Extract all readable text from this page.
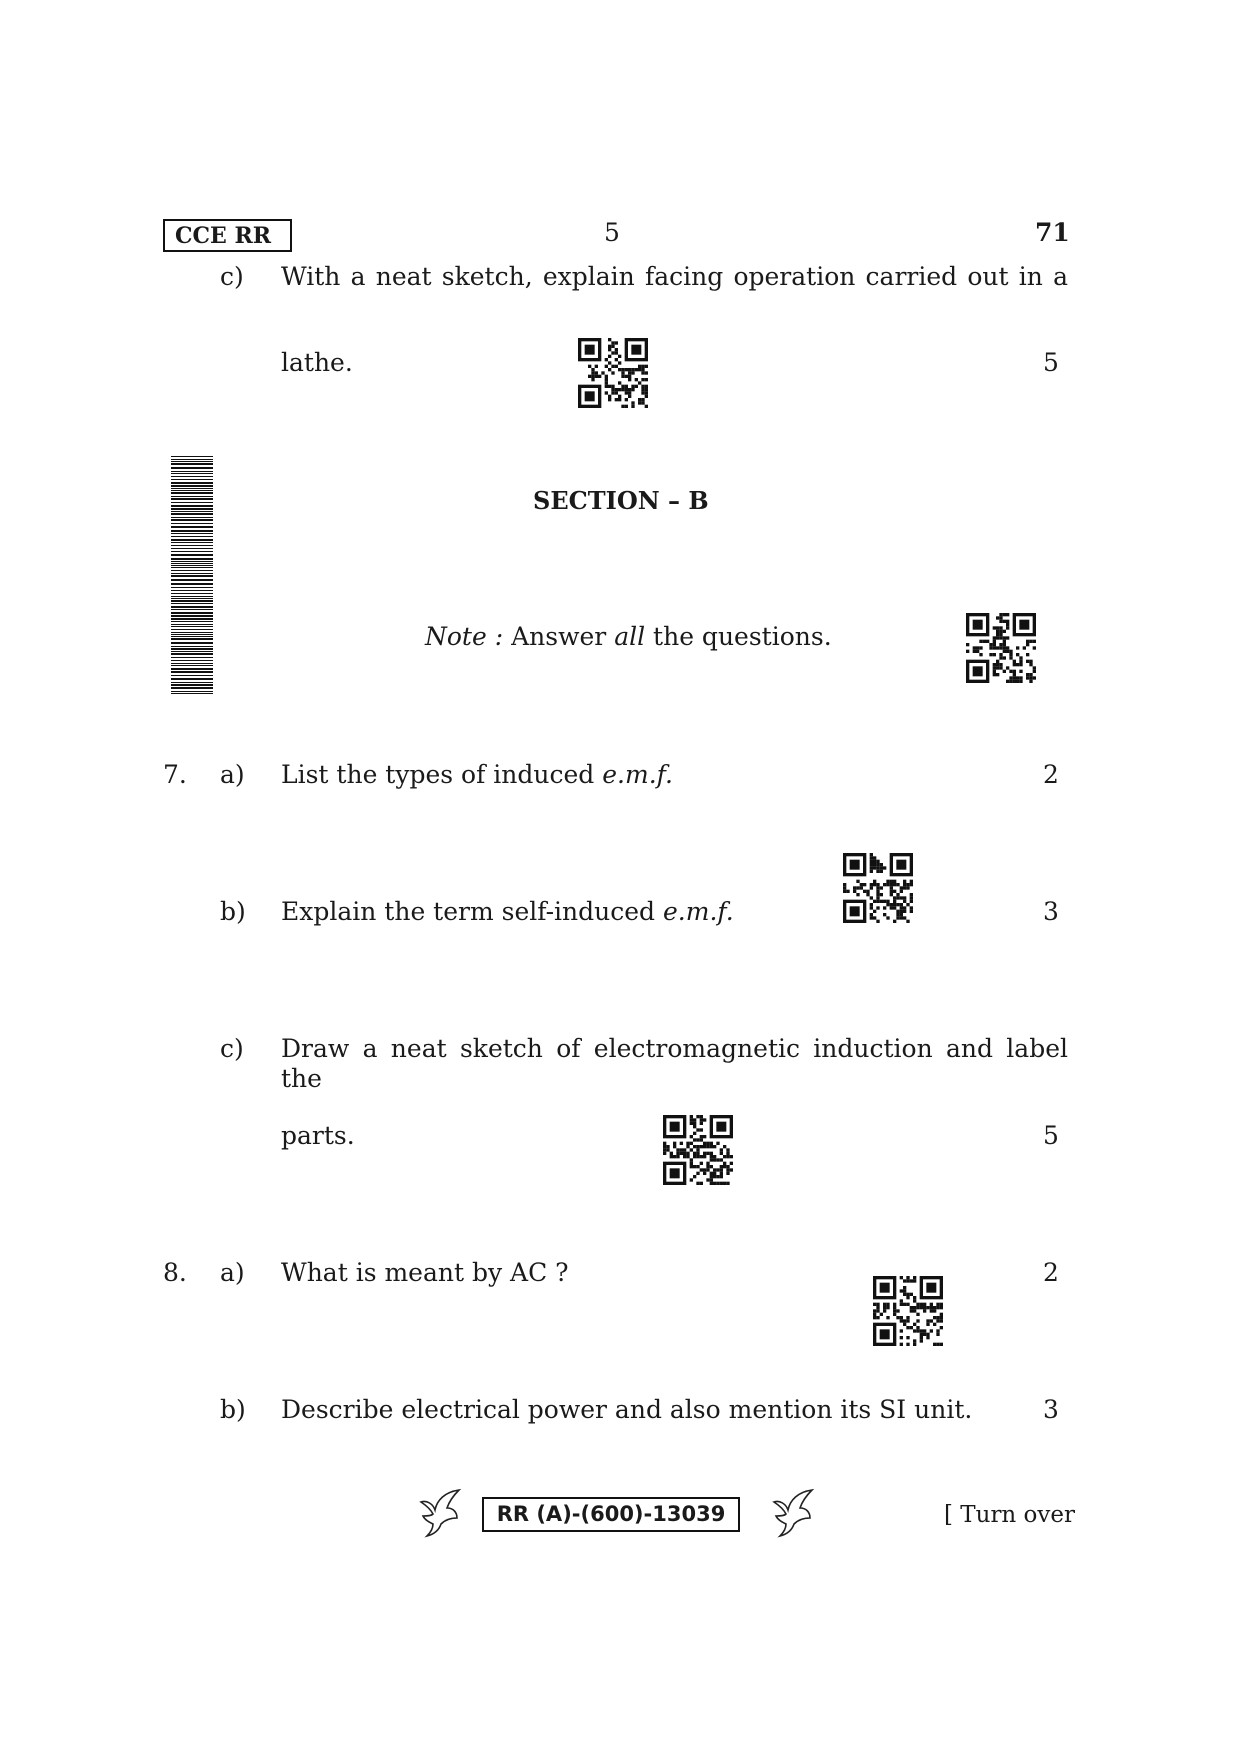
CCE RR	5	71
c) With a neat sketch, explain facing operation carried out in a
lathe.	5
SECTION – B
Note : Answer all the questions.
7. a) List the types of induced e.m.f.	2
b) Explain the term self-induced e.m.f.	3
c) Draw a neat sketch of electromagnetic induction and label the
parts.	5
8. a) What is meant by AC ?	2
b) Describe electrical power and also mention its SI unit.	3
RR (A)-(600)-13039	[ Turn over
